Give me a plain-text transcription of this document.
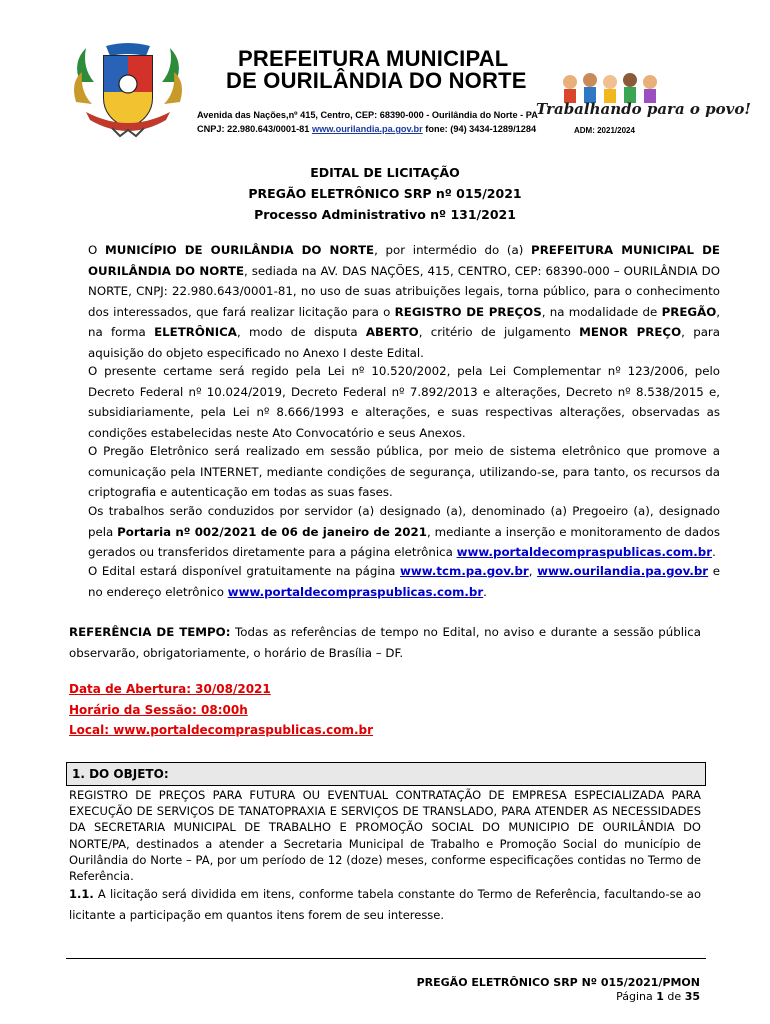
PREFEITURA MUNICIPAL
DE OURILÂNDIA DO NORTE
Avenida das Nações,nº 415, Centro, CEP: 68390-000 - Ourilândia do Norte - PA
CNPJ: 22.980.643/0001-81 www.ourilandia.pa.gov.br fone: (94) 3434-1289/1284
Trabalhando para o povo!
ADM: 2021/2024
EDITAL DE LICITAÇÃO
PREGÃO ELETRÔNICO SRP nº 015/2021
Processo Administrativo nº 131/2021
O MUNICÍPIO DE OURILÂNDIA DO NORTE, por intermédio do (a) PREFEITURA MUNICIPAL DE OURILÂNDIA DO NORTE, sediada na AV. DAS NAÇÕES, 415, CENTRO, CEP: 68390-000 – OURILÂNDIA DO NORTE, CNPJ: 22.980.643/0001-81, no uso de suas atribuições legais, torna público, para o conhecimento dos interessados, que fará realizar licitação para o REGISTRO DE PREÇOS, na modalidade de PREGÃO, na forma ELETRÔNICA, modo de disputa ABERTO, critério de julgamento MENOR PREÇO, para aquisição do objeto especificado no Anexo I deste Edital.
O presente certame será regido pela Lei nº 10.520/2002, pela Lei Complementar nº 123/2006, pelo Decreto Federal nº 10.024/2019, Decreto Federal nº 7.892/2013 e alterações, Decreto nº 8.538/2015 e, subsidiariamente, pela Lei nº 8.666/1993 e alterações, e suas respectivas alterações, observadas as condições estabelecidas neste Ato Convocatório e seus Anexos.
O Pregão Eletrônico será realizado em sessão pública, por meio de sistema eletrônico que promove a comunicação pela INTERNET, mediante condições de segurança, utilizando-se, para tanto, os recursos da criptografia e autenticação em todas as suas fases.
Os trabalhos serão conduzidos por servidor (a) designado (a), denominado (a) Pregoeiro (a), designado pela Portaria nº 002/2021 de 06 de janeiro de 2021, mediante a inserção e monitoramento de dados gerados ou transferidos diretamente para a página eletrônica www.portaldecompraspublicas.com.br.
O Edital estará disponível gratuitamente na página www.tcm.pa.gov.br, www.ourilandia.pa.gov.br e no endereço eletrônico www.portaldecompraspublicas.com.br.
REFERÊNCIA DE TEMPO: Todas as referências de tempo no Edital, no aviso e durante a sessão pública observarão, obrigatoriamente, o horário de Brasília – DF.
Data de Abertura: 30/08/2021
Horário da Sessão: 08:00h
Local: www.portaldecompraspublicas.com.br
1. DO OBJETO:
REGISTRO DE PREÇOS PARA FUTURA OU EVENTUAL CONTRATAÇÃO DE EMPRESA ESPECIALIZADA PARA EXECUÇÃO DE SERVIÇOS DE TANATOPRAXIA E SERVIÇOS DE TRANSLADO, PARA ATENDER AS NECESSIDADES DA SECRETARIA MUNICIPAL DE TRABALHO E PROMOÇÃO SOCIAL DO MUNICIPIO DE OURILÂNDIA DO NORTE/PA, destinados a atender a Secretaria Municipal de Trabalho e Promoção Social do município de Ourilândia do Norte – PA, por um período de 12 (doze) meses, conforme especificações contidas no Termo de Referência.
1.1. A licitação será dividida em itens, conforme tabela constante do Termo de Referência, facultando-se ao licitante a participação em quantos itens forem de seu interesse.
PREGÃO ELETRÔNICO SRP Nº 015/2021/PMON
Página 1 de 35
